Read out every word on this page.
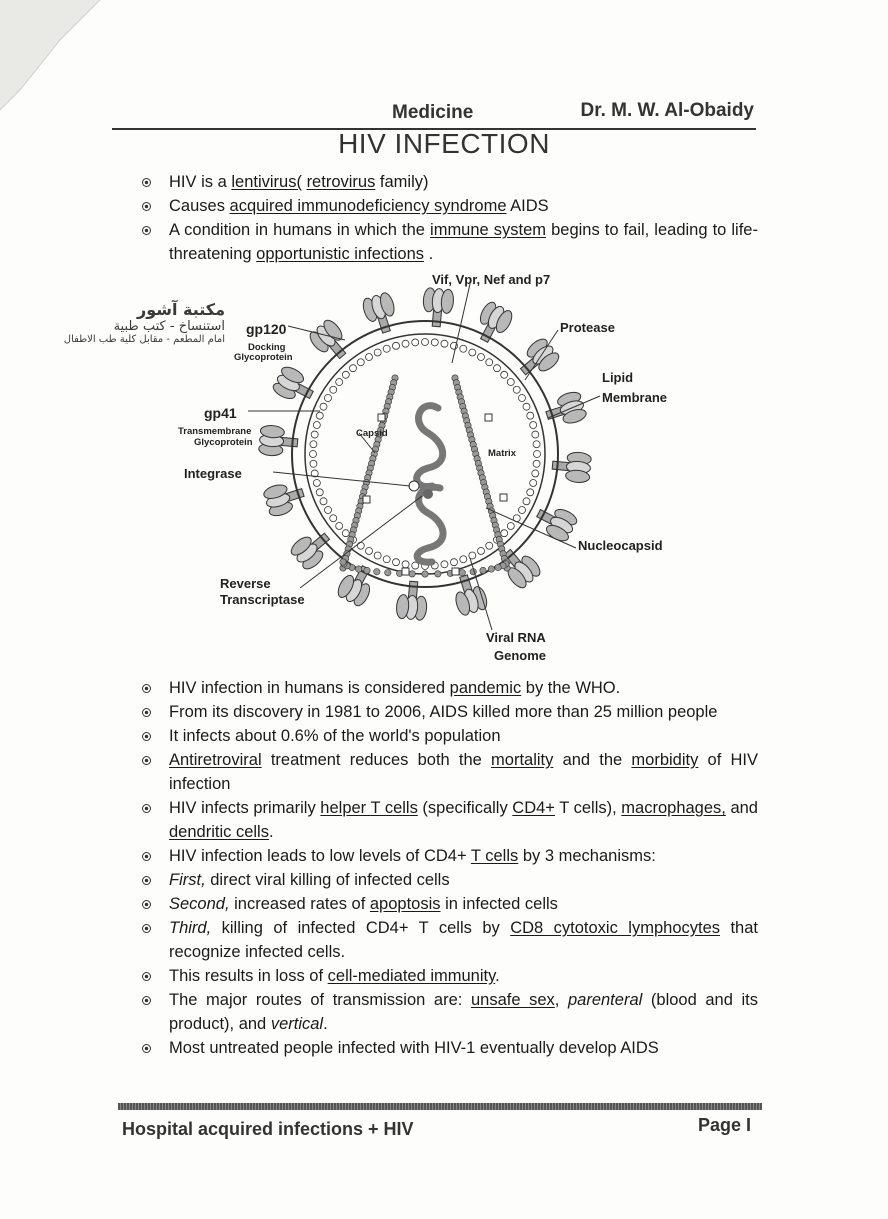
Medicine	Dr. M. W. Al-Obaidy
HIV INFECTION
HIV is a lentivirus( retrovirus family)
Causes acquired immunodeficiency syndrome AIDS
A condition in humans in which the immune system begins to fail, leading to life-threatening opportunistic infections .
مكتبة آشور
استنساخ - كتب طبية
امام المطعم - مقابل كلية طب الاطفال
Vif, Vpr, Nef and p7
gp120
Docking
Glycoprotein
Protease
Lipid
Membrane
gp41
Transmembrane
Glycoprotein
Capsid
Matrix
Integrase
Nucleocapsid
Reverse
Transcriptase
Viral RNA
Genome
HIV infection in humans is considered pandemic by the WHO.
From its discovery in 1981 to 2006, AIDS killed more than 25 million people
It infects about 0.6% of the world's population
Antiretroviral treatment reduces both the mortality and the morbidity of HIV infection
HIV infects primarily helper T cells (specifically CD4+ T cells), macrophages, and dendritic cells.
HIV infection leads to low levels of CD4+ T cells by 3 mechanisms:
First, direct viral killing of infected cells
Second, increased rates of apoptosis in infected cells
Third, killing of infected CD4+ T cells by CD8 cytotoxic lymphocytes that recognize infected cells.
This results in loss of cell-mediated immunity.
The major routes of transmission are: unsafe sex, parenteral (blood and its product), and vertical.
Most untreated people infected with HIV-1 eventually develop AIDS
Hospital acquired infections + HIV	Page I
